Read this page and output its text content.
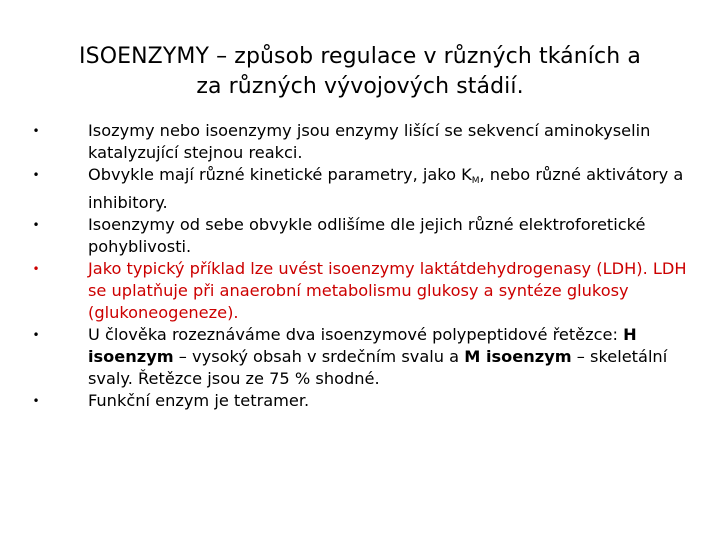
ISOENZYMY – způsob regulace v různých tkáních a
za různých vývojových stádií.
•	Isozymy nebo isoenzymy jsou enzymy lišící se sekvencí aminokyselin katalyzující stejnou reakci.
•	Obvykle mají různé kinetické parametry, jako KM, nebo různé aktivátory a inhibitory.
•	Isoenzymy od sebe obvykle odlišíme dle jejich různé elektroforetické pohyblivosti.
•	Jako typický příklad lze uvést isoenzymy laktátdehydrogenasy (LDH). LDH se uplatňuje při anaerobní metabolismu glukosy a syntéze glukosy (glukoneogeneze).
•	U člověka rozeznáváme dva isoenzymové polypeptidové řetězce: H isoenzym – vysoký obsah v srdečním svalu a M isoenzym – skeletální svaly. Řetězce jsou ze 75 % shodné.
•	Funkční enzym je tetramer.
